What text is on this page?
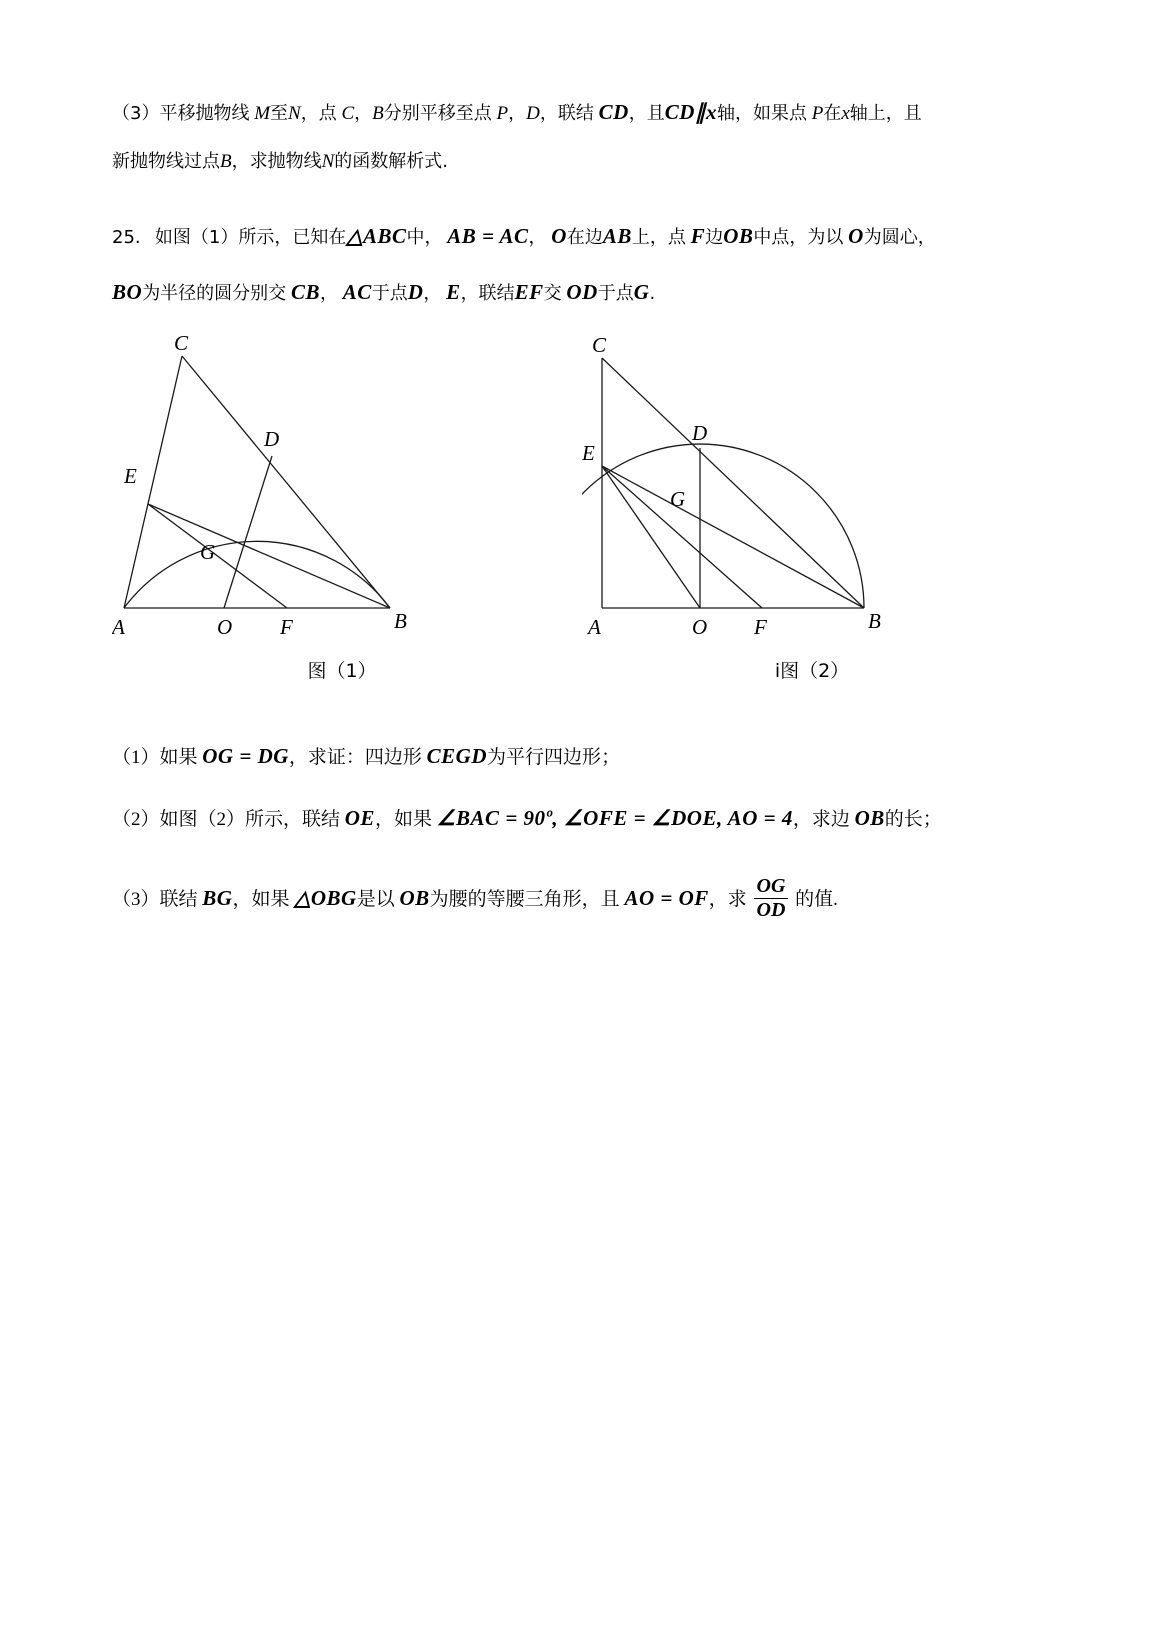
（3）平移抛物线 M至N，点 C，B分别平移至点 P，D，联结 CD，且CD∥x轴，如果点 P在x轴上，且
新抛物线过点B，求抛物线N的函数解析式.

25. 如图（1）所示，已知在△ABC中， AB = AC， O在边AB上，点 F边OB中点，为以 O为圆心，

BO为半径的圆分别交 CB， AC于点D， E，联结EF交 OD于点G.

C
D
E
G
A	O F	B
C
D
E
G
A	O F	B
图（1）	i图（2）

（1）如果 OG = DG，求证：四边形 CEGD为平行四边形；

（2）如图（2）所示，联结 OE，如果 ∠BAC = 90º, ∠OFE = ∠DOE, AO = 4，求边 OB的长；

（3）联结 BG，如果 △OBG是以 OB为腰的等腰三角形，且 AO = OF，求 $\frac{OG}{OD}$ 的值.
